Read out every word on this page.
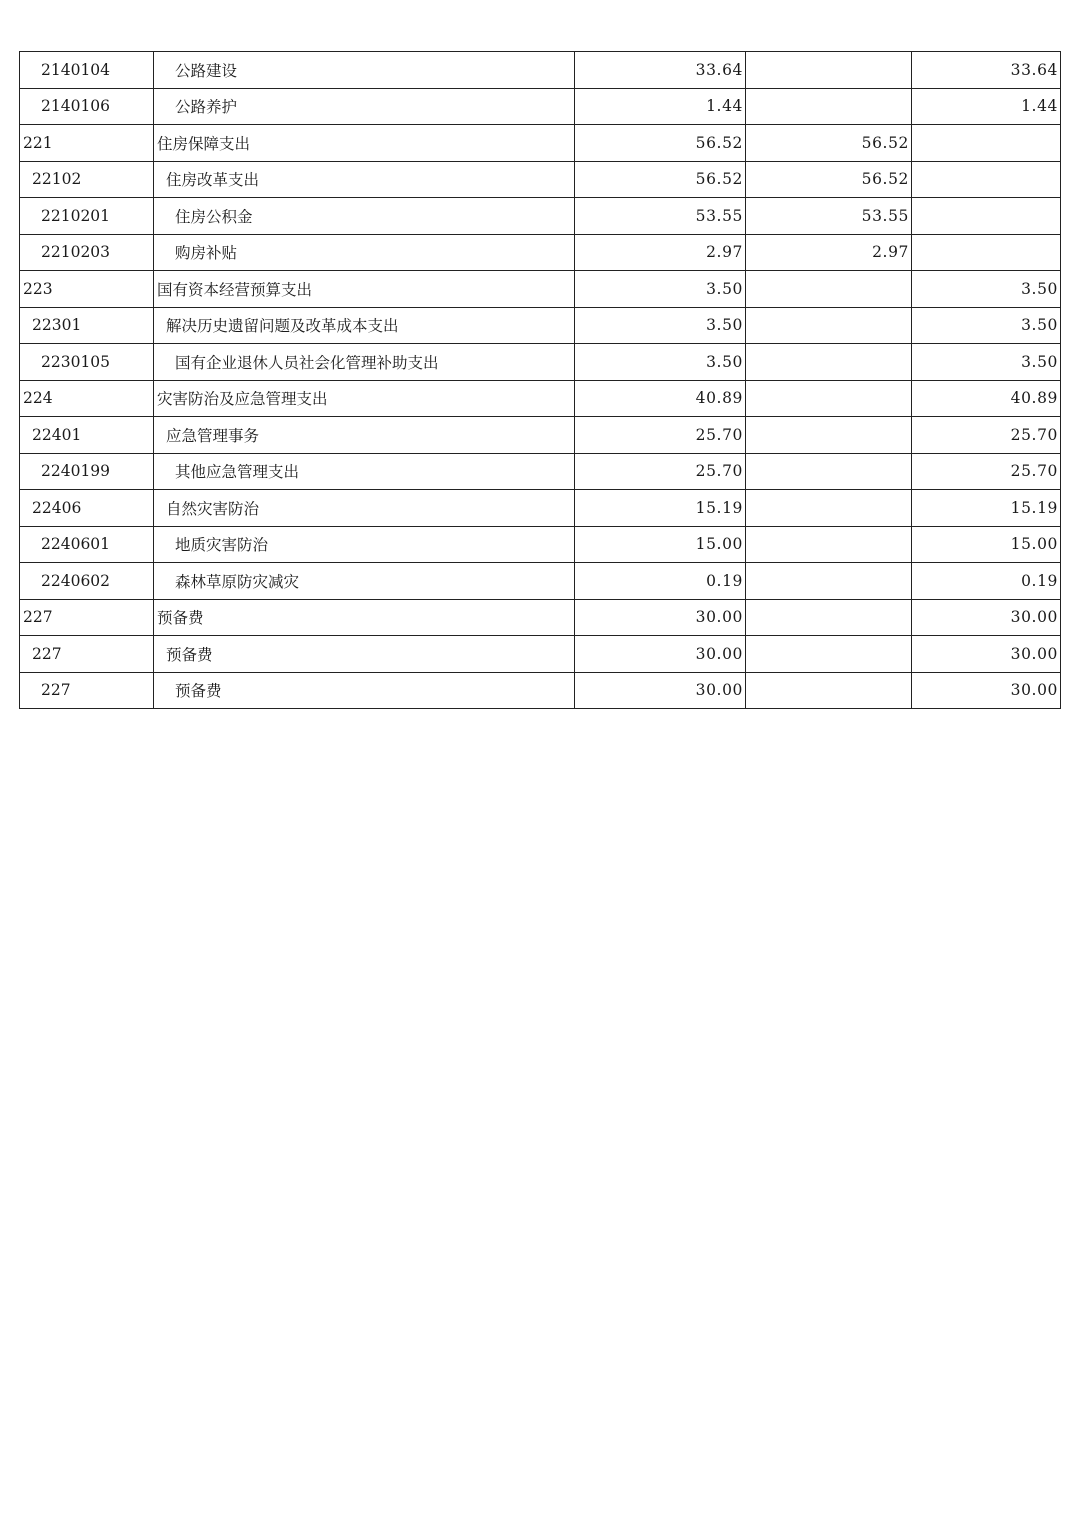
2140104	公路建设	33.64		33.64
2140106	公路养护	1.44		1.44
221	住房保障支出	56.52	56.52	
22102	住房改革支出	56.52	56.52	
2210201	住房公积金	53.55	53.55	
2210203	购房补贴	2.97	2.97	
223	国有资本经营预算支出	3.50		3.50
22301	解决历史遗留问题及改革成本支出	3.50		3.50
2230105	国有企业退休人员社会化管理补助支出	3.50		3.50
224	灾害防治及应急管理支出	40.89		40.89
22401	应急管理事务	25.70		25.70
2240199	其他应急管理支出	25.70		25.70
22406	自然灾害防治	15.19		15.19
2240601	地质灾害防治	15.00		15.00
2240602	森林草原防灾减灾	0.19		0.19
227	预备费	30.00		30.00
227	预备费	30.00		30.00
227	预备费	30.00		30.00
